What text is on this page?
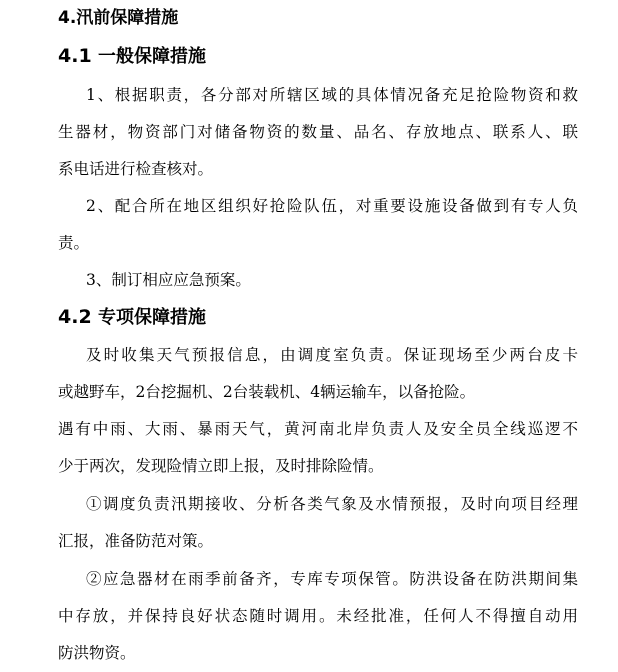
4.汛前保障措施
4.1 一般保障措施
1、根据职责，各分部对所辖区域的具体情况备充足抢险物资和救
生器材，物资部门对储备物资的数量、品名、存放地点、联系人、联
系电话进行检查核对。
2、配合所在地区组织好抢险队伍，对重要设施设备做到有专人负
责。
3、制订相应应急预案。
4.2 专项保障措施
及时收集天气预报信息，由调度室负责。保证现场至少两台皮卡
或越野车，2台挖掘机、2台装载机、4辆运输车，以备抢险。
遇有中雨、大雨、暴雨天气，黄河南北岸负责人及安全员全线巡逻不
少于两次，发现险情立即上报，及时排除险情。
①调度负责汛期接收、分析各类气象及水情预报，及时向项目经理
汇报，准备防范对策。
②应急器材在雨季前备齐，专库专项保管。防洪设备在防洪期间集
中存放，并保持良好状态随时调用。未经批准，任何人不得擅自动用
防洪物资。
